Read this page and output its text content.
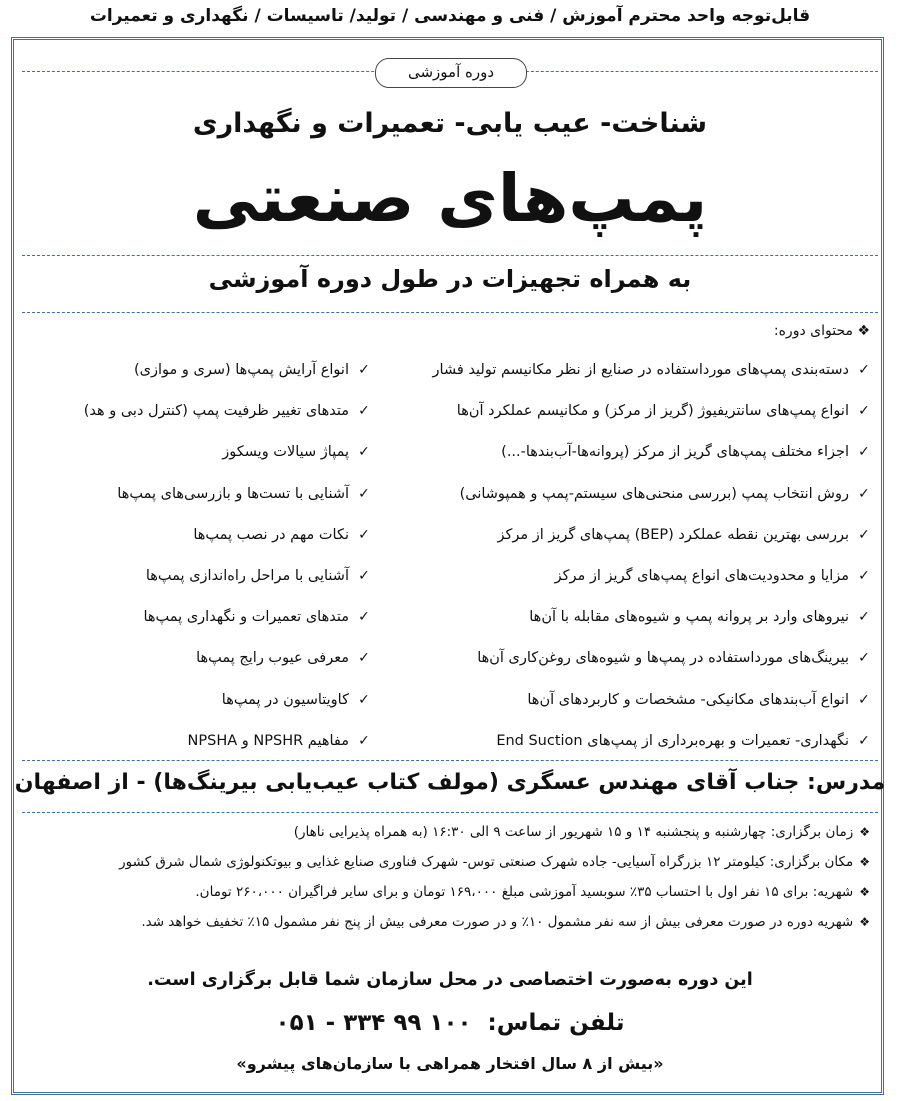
قابل‌توجه واحد محترم آموزش / فنی و مهندسی / تولید/ تاسیسات / نگهداری و تعمیرات
دوره آموزشی
شناخت- عیب یابی- تعمیرات و نگهداری
پمپ‌های صنعتی
به همراه تجهیزات در طول دوره آموزشی
❖ محتوای دوره:
✓
دسته‌بندی پمپ‌های مورداستفاده در صنایع از نظر مکانیسم تولید فشار
✓
انواع پمپ‌های سانتریفیوژ (گریز از مرکز) و مکانیسم عملکرد آن‌ها
✓
اجزاء مختلف پمپ‌های گریز از مرکز (پروانه‌ها-آب‌بندها-...)
✓
روش انتخاب پمپ (بررسی منحنی‌های سیستم-پمپ و همپوشانی)
✓
بررسی بهترین نقطه عملکرد (BEP) پمپ‌های گریز از مرکز
✓
مزایا و محدودیت‌های انواع پمپ‌های گریز از مرکز
✓
نیروهای وارد بر پروانه پمپ و شیوه‌های مقابله با آن‌ها
✓
بیرینگ‌های مورداستفاده در پمپ‌ها و شیوه‌های روغن‌کاری آن‌ها
✓
انواع آب‌بندهای مکانیکی- مشخصات و کاربردهای آن‌ها
✓
نگهداری- تعمیرات و بهره‌برداری از پمپ‌های End Suction
✓
انواع آرایش پمپ‌ها (سری و موازی)
✓
متدهای تغییر ظرفیت پمپ (کنترل دبی و هد)
✓
پمپاژ سیالات ویسکوز
✓
آشنایی با تست‌ها و بازرسی‌های پمپ‌ها
✓
نکات مهم در نصب پمپ‌ها
✓
آشنایی با مراحل راه‌اندازی پمپ‌ها
✓
متدهای تعمیرات و نگهداری پمپ‌ها
✓
معرفی عیوب رایج پمپ‌ها
✓
کاویتاسیون در پمپ‌ها
✓
مفاهیم NPSHR و NPSHA
مدرس: جناب آقای مهندس عسگری (مولف کتاب عیب‌یابی بیرینگ‌ها) - از اصفهان
❖
زمان برگزاری: چهارشنبه و پنجشنبه ۱۴ و ۱۵ شهریور از ساعت ۹ الی ۱۶:۳۰ (به همراه پذیرایی ناهار)
❖
مکان برگزاری: کیلومتر ۱۲ بزرگراه آسیایی- جاده شهرک صنعتی توس- شهرک فناوری صنایع غذایی و بیوتکنولوژی شمال شرق کشور
❖
شهریه: برای ۱۵ نفر اول با احتساب ۳۵٪ سوبسید آموزشی مبلغ ۱۶۹،۰۰۰ تومان و برای سایر فراگیران ۲۶۰،۰۰۰ تومان.
❖
شهریه دوره در صورت معرفی بیش از سه نفر مشمول ۱۰٪ و در صورت معرفی بیش از پنج نفر مشمول ۱۵٪ تخفیف خواهد شد.
این دوره به‌صورت اختصاصی در محل سازمان شما قابل برگزاری است.
تلفن تماس: ۰۵۱ - ۳۳۴ ۹۹ ۱۰۰
«بیش از ۸ سال افتخار همراهی با سازمان‌های پیشرو»
